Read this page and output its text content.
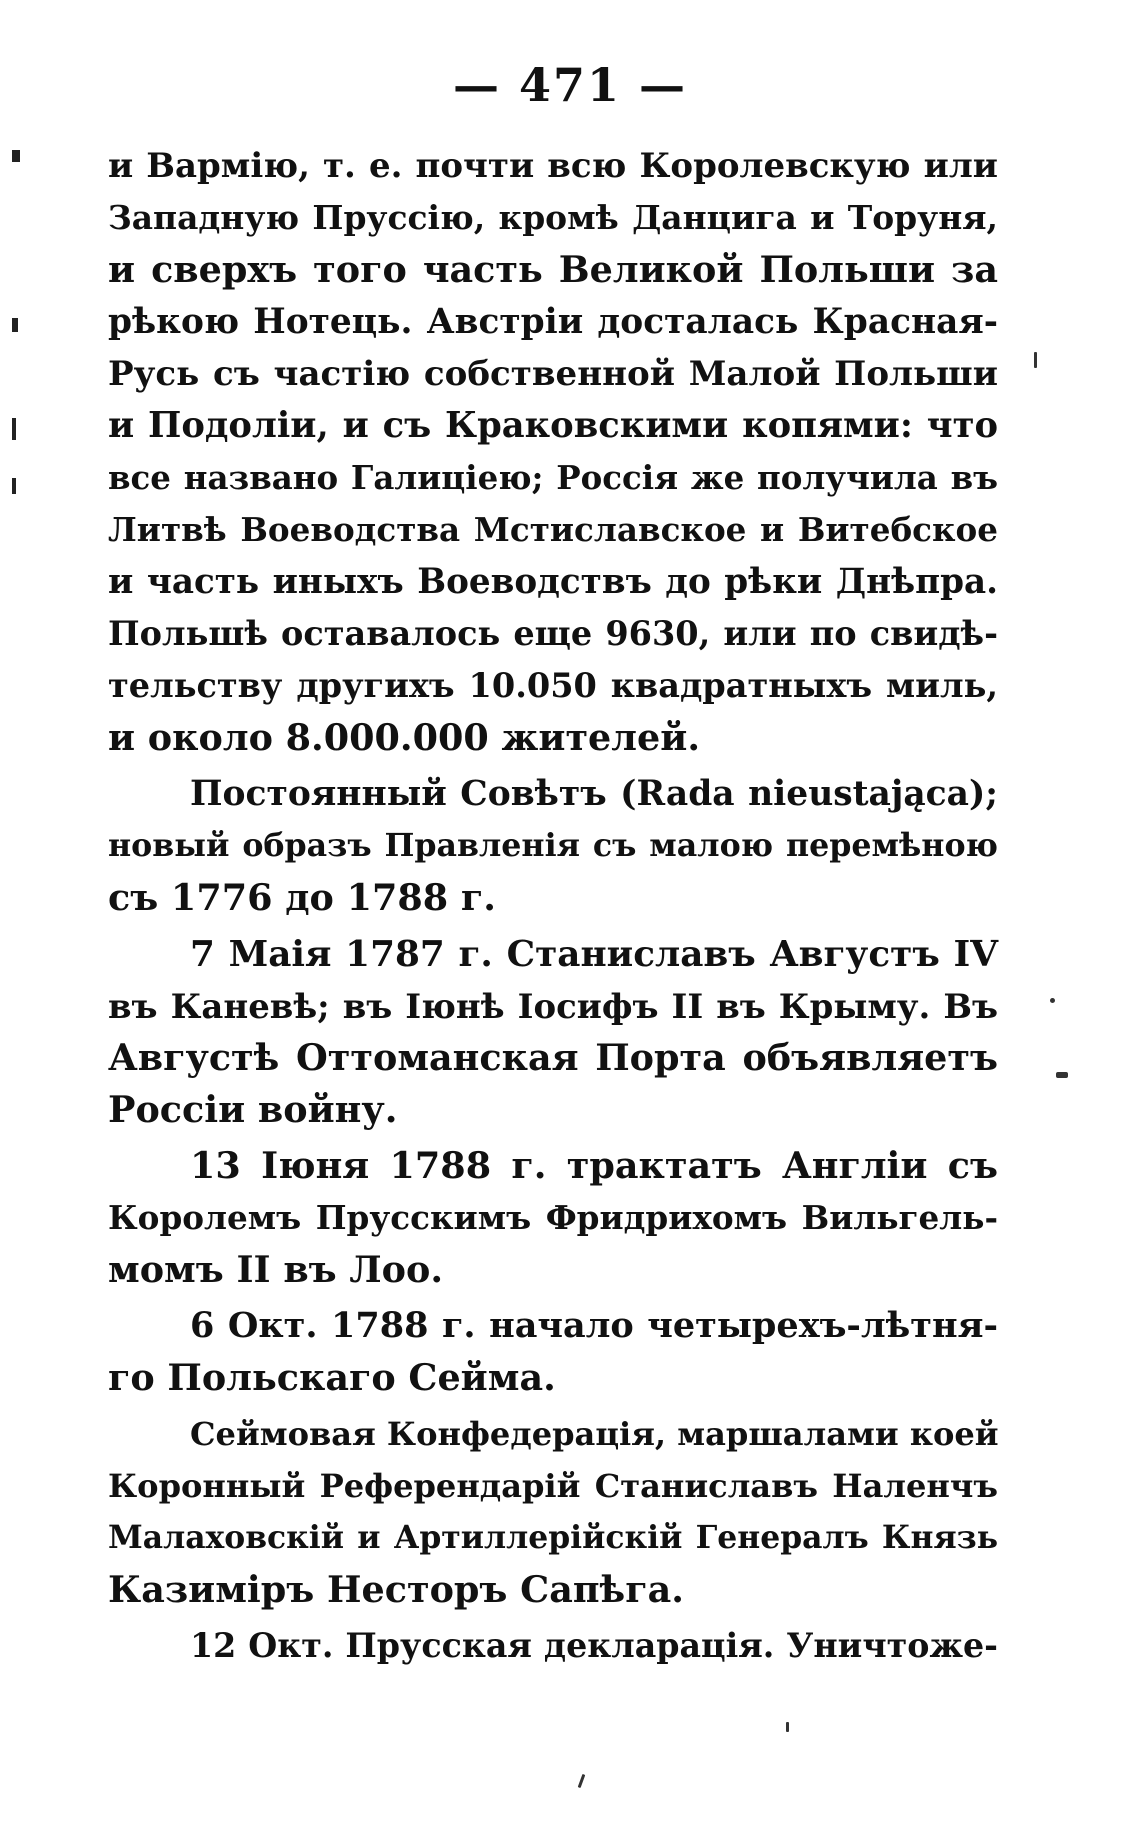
— 471 —
и Вармію, т. е. почти всю Королевскую или
Западную Пруссію, кромѣ Данцига и Торуня,
и сверхъ того часть Великой Польши за
рѣкою Нотець. Австріи досталась Красная-
Русь съ частію собственной Малой Польши
и Подоліи, и съ Краковскими копями: что
все названо Галиціею; Россія же получила въ
Литвѣ Воеводства Мстиславское и Витебское
и часть иныхъ Воеводствъ до рѣки Днѣпра.
Польшѣ оставалось еще 9630, или по свидѣ-
тельству другихъ 10.050 квадратныхъ миль,
и около 8.000.000 жителей.
Постоянный Совѣтъ (Rada nieustająca);
новый образъ Правленія съ малою перемѣною
съ 1776 до 1788 г.
7 Маія 1787 г. Станиславъ Августъ IV
въ Каневѣ; въ Іюнѣ Іосифъ II въ Крыму. Въ
Августѣ Оттоманская Порта объявляетъ
Россіи войну.
13 Іюня 1788 г. трактатъ Англіи съ
Королемъ Прусскимъ Фридрихомъ Вильгель-
момъ II въ Лоо.
6 Окт. 1788 г. начало четырехъ-лѣтня-
го Польскаго Сейма.
Сеймовая Конфедерація, маршалами коей
Коронный Референдарій Станиславъ Наленчъ
Малаховскій и Артиллерійскій Генералъ Князь
Казиміръ Несторъ Сапѣга.
12 Окт. Прусская декларація. Уничтоже-
